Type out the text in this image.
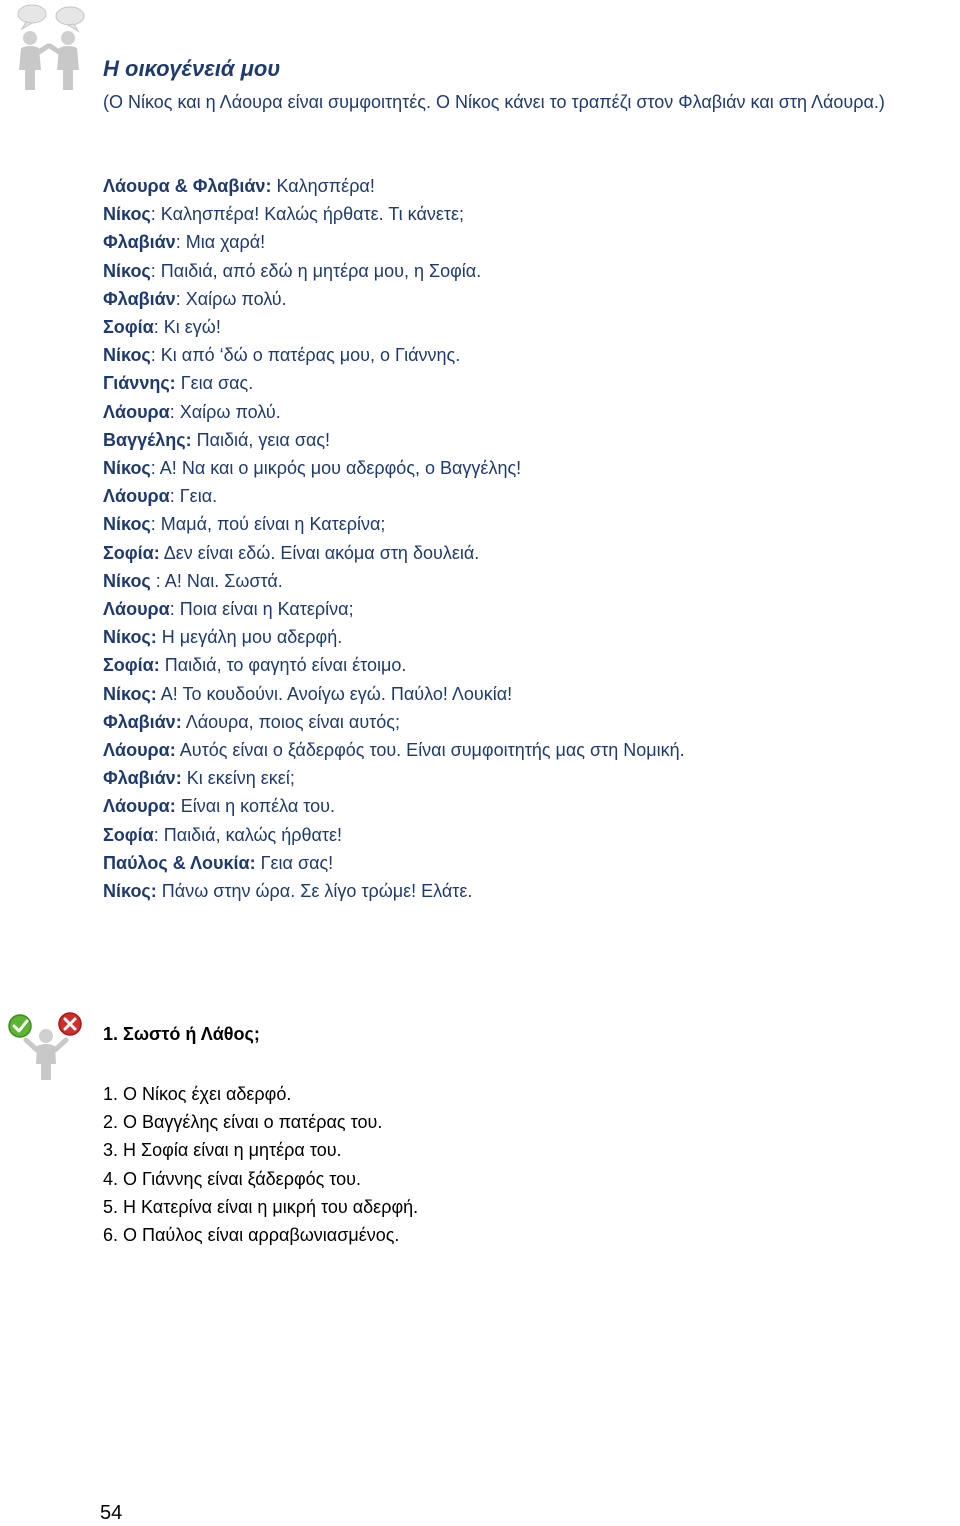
Η οικογένειά μου

(Ο Νίκος και η Λάουρα είναι συμφοιτητές. Ο Νίκος κάνει το τραπέζι στον Φλαβιάν και στη Λάουρα.)

Λάουρα & Φλαβιάν: Καλησπέρα!
Νίκος: Καλησπέρα! Καλώς ήρθατε. Τι κάνετε;
Φλαβιάν: Μια χαρά!
Νίκος: Παιδιά, από εδώ η μητέρα μου, η Σοφία.
Φλαβιάν: Χαίρω πολύ.
Σοφία: Κι εγώ!
Νίκος: Κι από ‘δώ ο πατέρας μου, ο Γιάννης.
Γιάννης: Γεια σας.
Λάουρα: Χαίρω πολύ.
Βαγγέλης: Παιδιά, γεια σας!
Νίκος: Α! Να και ο μικρός μου αδερφός, ο Βαγγέλης!
Λάουρα: Γεια.
Νίκος: Μαμά, πού είναι η Κατερίνα;
Σοφία: Δεν είναι εδώ. Είναι ακόμα στη δουλειά.
Νίκος : Α! Ναι. Σωστά.
Λάουρα: Ποια είναι η Κατερίνα;
Νίκος: Η μεγάλη μου αδερφή.
Σοφία: Παιδιά, το φαγητό είναι έτοιμο.
Νίκος: Α! Το κουδούνι. Ανοίγω εγώ. Παύλο! Λουκία!
Φλαβιάν: Λάουρα, ποιος είναι αυτός;
Λάουρα: Αυτός είναι ο ξάδερφός του. Είναι συμφοιτητής μας στη Νομική.
Φλαβιάν: Κι εκείνη εκεί;
Λάουρα: Είναι η κοπέλα του.
Σοφία: Παιδιά, καλώς ήρθατε!
Παύλος & Λουκία: Γεια σας!
Νίκος: Πάνω στην ώρα. Σε λίγο τρώμε! Ελάτε.
1. Σωστό ή Λάθος;
1. Ο Νίκος έχει αδερφό.
2. Ο Βαγγέλης είναι ο πατέρας του.
3. Η Σοφία είναι η μητέρα του.
4. Ο Γιάννης είναι ξάδερφός του.
5. Η Κατερίνα είναι η μικρή του αδερφή.
6. Ο Παύλος είναι αρραβωνιασμένος.
54
